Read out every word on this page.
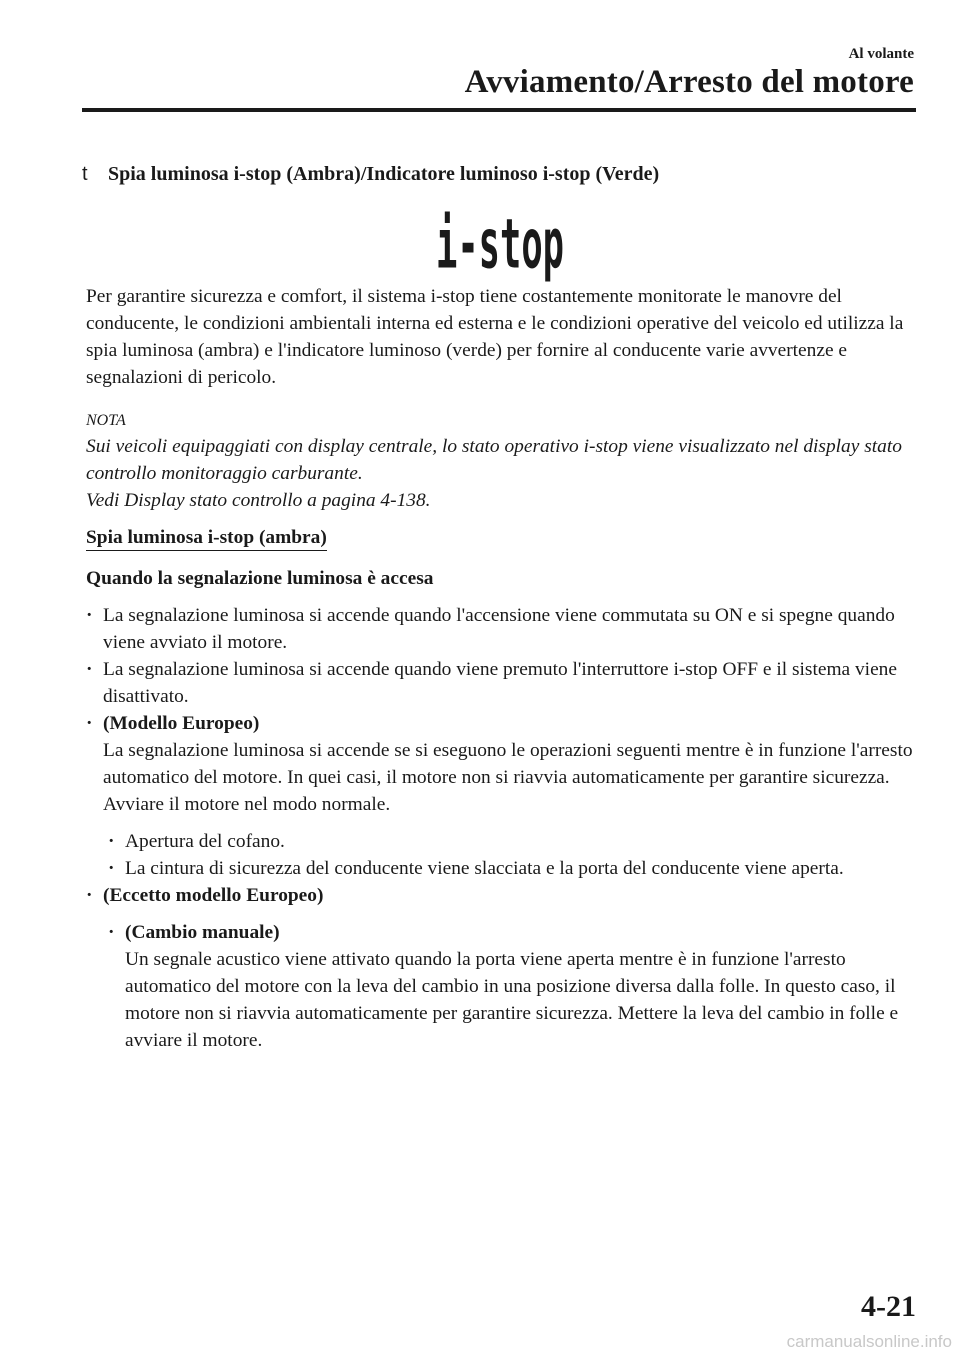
Al volante
Avviamento/Arresto del motore
t	Spia luminosa i-stop (Ambra)/Indicatore luminoso i-stop (Verde)
i-stop

Per garantire sicurezza e comfort, il sistema i-stop tiene costantemente monitorate le manovre del conducente, le condizioni ambientali interna ed esterna e le condizioni operative del veicolo ed utilizza la spia luminosa (ambra) e l'indicatore luminoso (verde) per fornire al conducente varie avvertenze e segnalazioni di pericolo.

NOTA

Sui veicoli equipaggiati con display centrale, lo stato operativo i-stop viene visualizzato nel display stato controllo monitoraggio carburante.
Vedi Display stato controllo a pagina 4-138.

Spia luminosa i-stop (ambra)

Quando la segnalazione luminosa è accesa

· La segnalazione luminosa si accende quando l'accensione viene commutata su ON e si spegne quando viene avviato il motore.
· La segnalazione luminosa si accende quando viene premuto l'interruttore i-stop OFF e il sistema viene disattivato.
· (Modello Europeo)
La segnalazione luminosa si accende se si eseguono le operazioni seguenti mentre è in funzione l'arresto automatico del motore. In quei casi, il motore non si riavvia automaticamente per garantire sicurezza. Avviare il motore nel modo normale.
· Apertura del cofano.
· La cintura di sicurezza del conducente viene slacciata e la porta del conducente viene aperta.
· (Eccetto modello Europeo)
· (Cambio manuale)
Un segnale acustico viene attivato quando la porta viene aperta mentre è in funzione l'arresto automatico del motore con la leva del cambio in una posizione diversa dalla folle. In questo caso, il motore non si riavvia automaticamente per garantire sicurezza. Mettere la leva del cambio in folle e avviare il motore.
4-21
carmanualsonline.info
